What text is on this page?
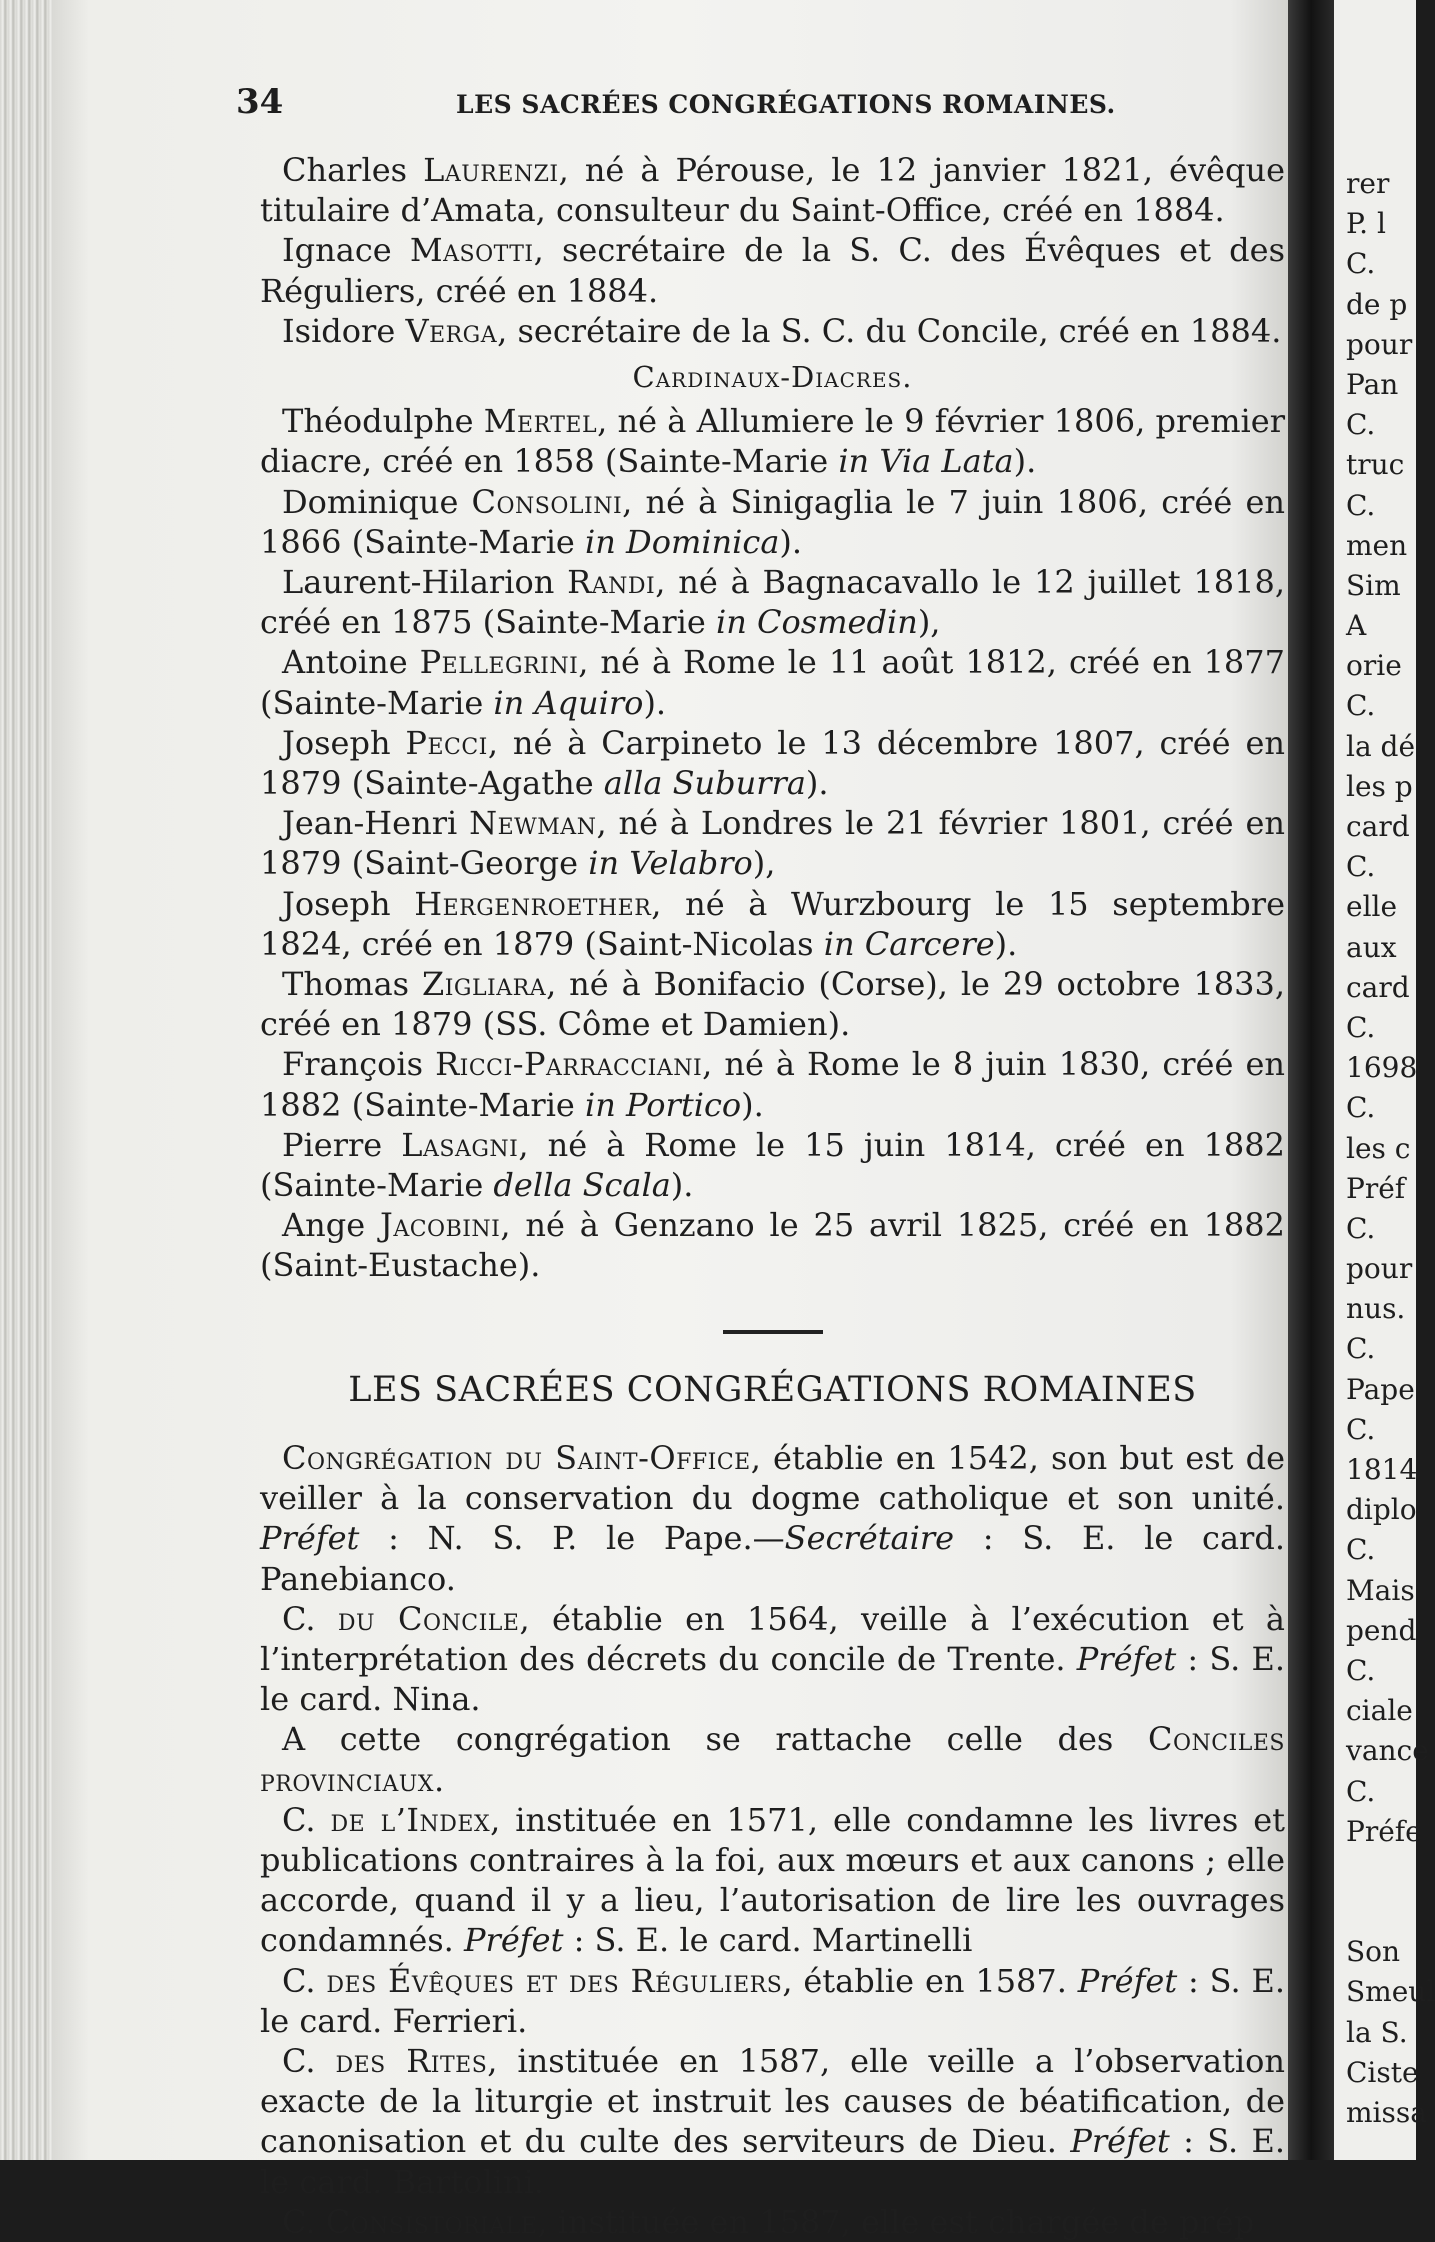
rer
P. l
C.
de p
pour
Pan
C.
truc
C.
men
Sim
A
orie
C.
la dé
les p
card
C.
elle
aux
card
C.
1698
C.
les c
Préf
C.
pour
nus.
C.
Pape
C.
1814
diplo
C.
Mais
pend
C.
ciale
vance
C.
Préfe
Son
Smeul
la S.
Ciste
missa
34	LES SACRÉES CONGRÉGATIONS ROMAINES.

Charles Laurenzi, né à Pérouse, le 12 janvier 1821, évêque titulaire d’Amata, consulteur du Saint-Office, créé en 1884.

Ignace Masotti, secrétaire de la S. C. des Évêques et des Réguliers, créé en 1884.

Isidore Verga, secrétaire de la S. C. du Concile, créé en 1884.

Cardinaux-Diacres.

Théodulphe Mertel, né à Allumiere le 9 février 1806, premier diacre, créé en 1858 (Sainte-Marie in Via Lata).

Dominique Consolini, né à Sinigaglia le 7 juin 1806, créé en 1866 (Sainte-Marie in Dominica).

Laurent-Hilarion Randi, né à Bagnacavallo le 12 juillet 1818, créé en 1875 (Sainte-Marie in Cosmedin),

Antoine Pellegrini, né à Rome le 11 août 1812, créé en 1877 (Sainte-Marie in Aquiro).

Joseph Pecci, né à Carpineto le 13 décembre 1807, créé en 1879 (Sainte-Agathe alla Suburra).

Jean-Henri Newman, né à Londres le 21 février 1801, créé en 1879 (Saint-George in Velabro),

Joseph Hergenroether, né à Wurzbourg le 15 septembre 1824, créé en 1879 (Saint-Nicolas in Carcere).

Thomas Zigliara, né à Bonifacio (Corse), le 29 octobre 1833, créé en 1879 (SS. Côme et Damien).

François Ricci-Parracciani, né à Rome le 8 juin 1830, créé en 1882 (Sainte-Marie in Portico).

Pierre Lasagni, né à Rome le 15 juin 1814, créé en 1882 (Sainte-Marie della Scala).

Ange Jacobini, né à Genzano le 25 avril 1825, créé en 1882 (Saint-Eustache).

LES SACRÉES CONGRÉGATIONS ROMAINES

Congrégation du Saint-Office, établie en 1542, son but est de veiller à la conservation du dogme catholique et son unité. Préfet : N. S. P. le Pape.—Secrétaire : S. E. le card. Panebianco.

C. du Concile, établie en 1564, veille à l’exécution et à l’interprétation des décrets du concile de Trente. Préfet : S. E. le card. Nina.

A cette congrégation se rattache celle des Conciles provinciaux.

C. de l’Index, instituée en 1571, elle condamne les livres et publications contraires à la foi, aux mœurs et aux canons ; elle accorde, quand il y a lieu, l’autorisation de lire les ouvrages condamnés. Préfet : S. E. le card. Martinelli

C. des Évêques et des Réguliers, établie en 1587. Préfet : S. E. le card. Ferrieri.

C. des Rites, instituée en 1587, elle veille a l’observation exacte de la liturgie et instruit les causes de béatification, de canonisation et du culte des serviteurs de Dieu. Préfet : S. E. le card. Bartolini.

C. Consistoriale, instituée en 1587, elle est chargée de prép
